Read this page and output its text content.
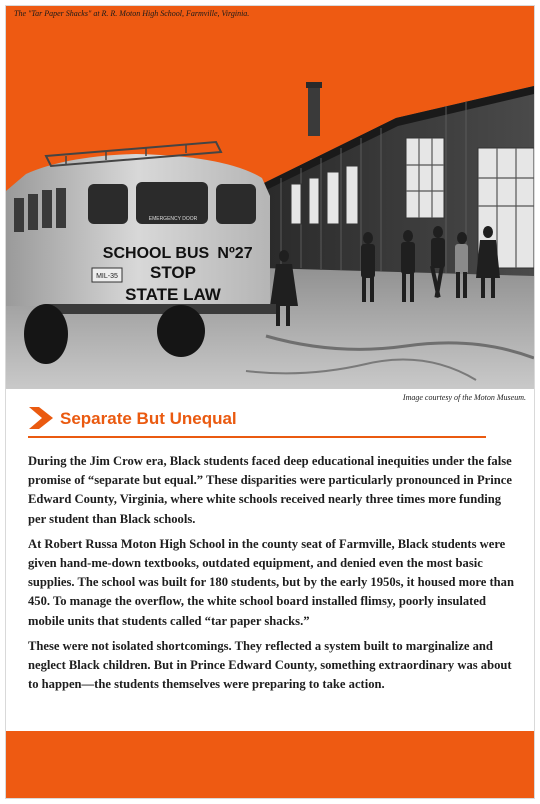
MIL-35
EMERGENCY DOOR
SCHOOL BUS Nº27
STOP
STATE LAW
The "Tar Paper Shacks" at R. R. Moton High School, Farmville, Virginia.
Image courtesy of the Moton Museum.
Separate But Unequal

During the Jim Crow era, Black students faced deep educational inequities under the false promise of “separate but equal.” These disparities were particularly pronounced in Prince Edward County, Virginia, where white schools received nearly three times more funding per student than Black schools.

At Robert Russa Moton High School in the county seat of Farmville, Black students were given hand-me-down textbooks, outdated equipment, and denied even the most basic supplies. The school was built for 180 students, but by the early 1950s, it housed more than 450. To manage the overflow, the white school board installed flimsy, poorly insulated mobile units that students called “tar paper shacks.”

These were not isolated shortcomings. They reflected a system built to marginalize and neglect Black children. But in Prince Edward County, something extraordinary was about to happen—the students themselves were preparing to take action.
